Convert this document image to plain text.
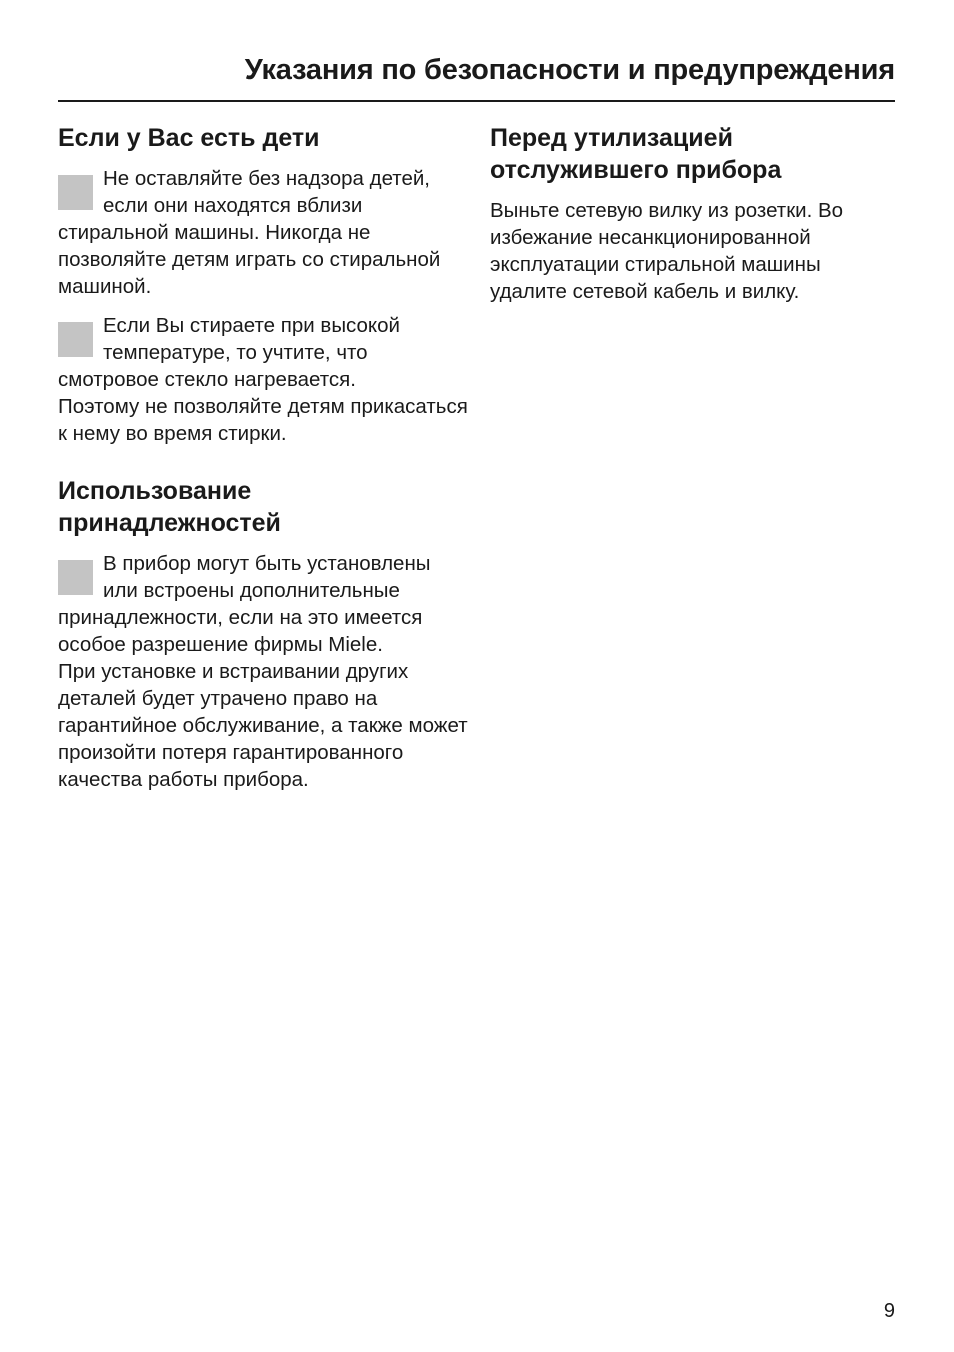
Указания по безопасности и предупреждения
Если у Вас есть дети
Не оставляйте без надзора детей, если они находятся вблизи стиральной машины. Никогда не позволяйте детям играть со стиральной машиной.
Если Вы стираете при высокой температуре, то учтите, что смотровое стекло нагревается.

Поэтому не позволяйте детям прикасаться к нему во время стирки.

Использование принадлежностей
В прибор могут быть установлены или встроены дополнительные принадлежности, если на это имеется особое разрешение фирмы Miele.

При установке и встраивании других деталей будет утрачено право на гарантийное обслуживание, а также может произойти потеря гарантированного качества работы прибора.

Перед утилизацией отслужившего прибора

Выньте сетевую вилку из розетки. Во избежание несанкционированной эксплуатации стиральной машины удалите сетевой кабель и вилку.

9
